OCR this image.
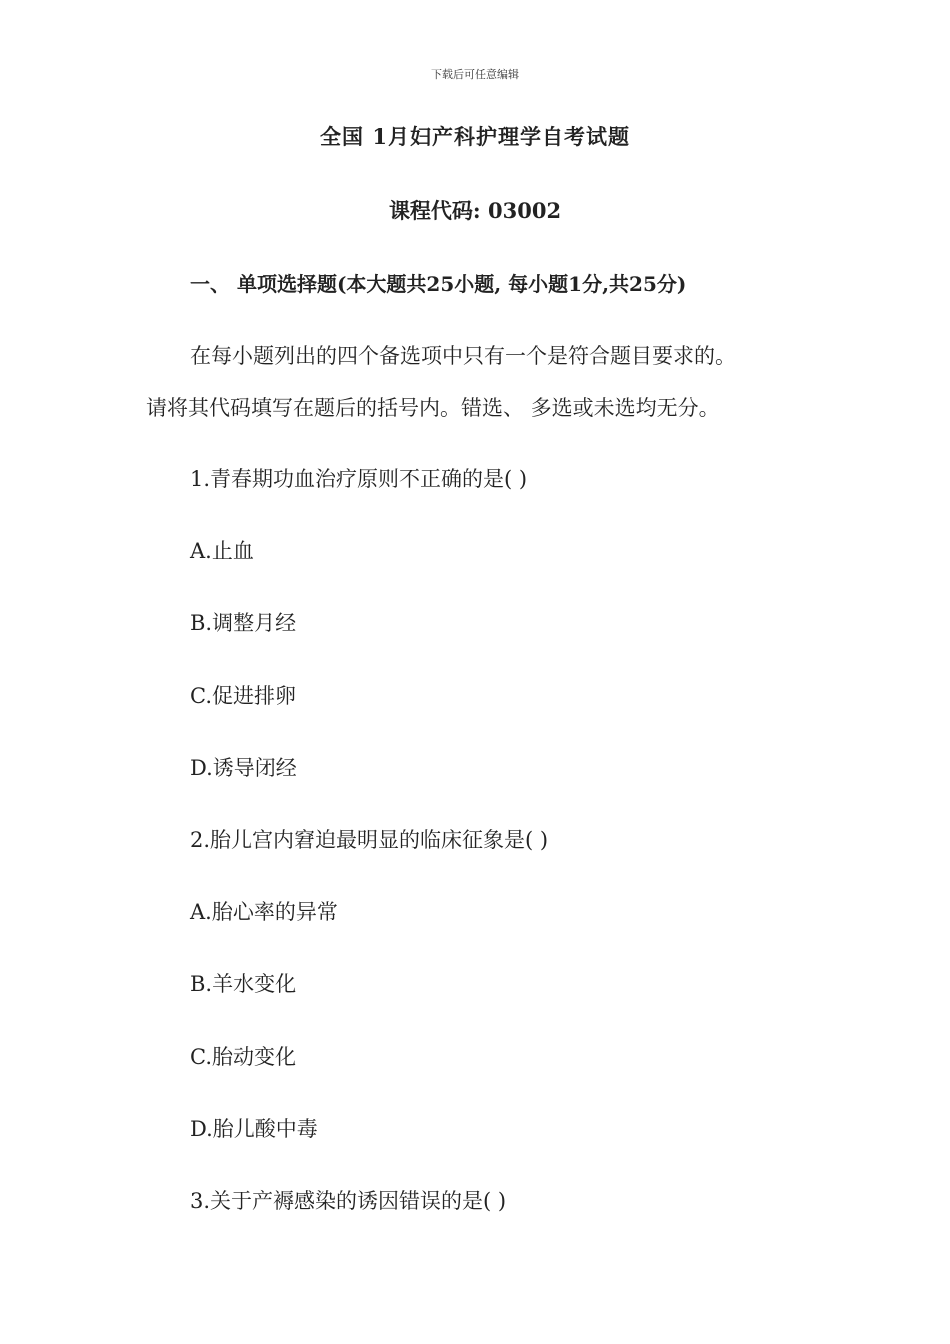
下载后可任意编辑
全国 1月妇产科护理学自考试题
课程代码: 03002
一、 单项选择题(本大题共25小题, 每小题1分,共25分)
在每小题列出的四个备选项中只有一个是符合题目要求的。
请将其代码填写在题后的括号内。错选、 多选或未选均无分。
1.青春期功血治疗原则不正确的是( )
A.止血
B.调整月经
C.促进排卵
D.诱导闭经
2.胎儿宫内窘迫最明显的临床征象是( )
A.胎心率的异常
B.羊水变化
C.胎动变化
D.胎儿酸中毒
3.关于产褥感染的诱因错误的是( )
